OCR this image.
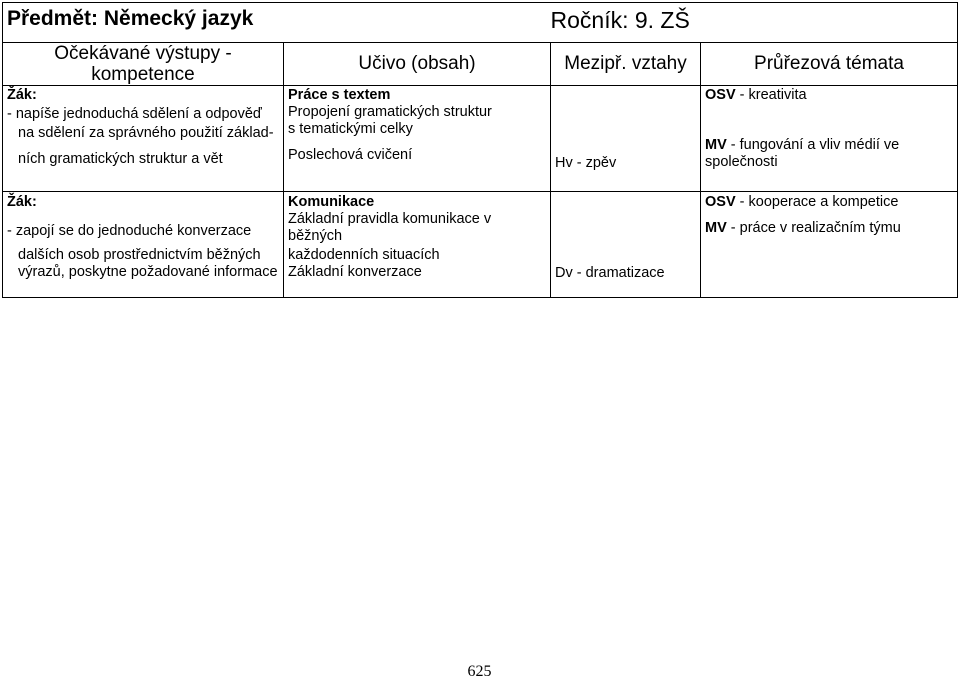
Předmět: Německý jazyk		Ročník: 9. ZŠ	
Očekávané výstupy - kompetence	Učivo (obsah)	Mezipř. vztahy	Průřezová témata

Žák:
- napíše jednoduchá sdělení a odpověď
na sdělení za správného použití základ-
ních gramatických struktur a vět	Práce s textem
Propojení gramatických struktur
s tematickými celky
Poslechová cvičení	Hv - zpěv	OSV - kreativita
MV - fungování a vliv médií ve
společnosti

Žák:
- zapojí se do jednoduché konverzace
dalších osob prostřednictvím běžných
výrazů, poskytne požadované informace	Komunikace
Základní pravidla komunikace v
běžných
každodenních situacích
Základní konverzace	Dv - dramatizace	OSV - kooperace a kompetice
MV - práce v realizačním týmu
625
